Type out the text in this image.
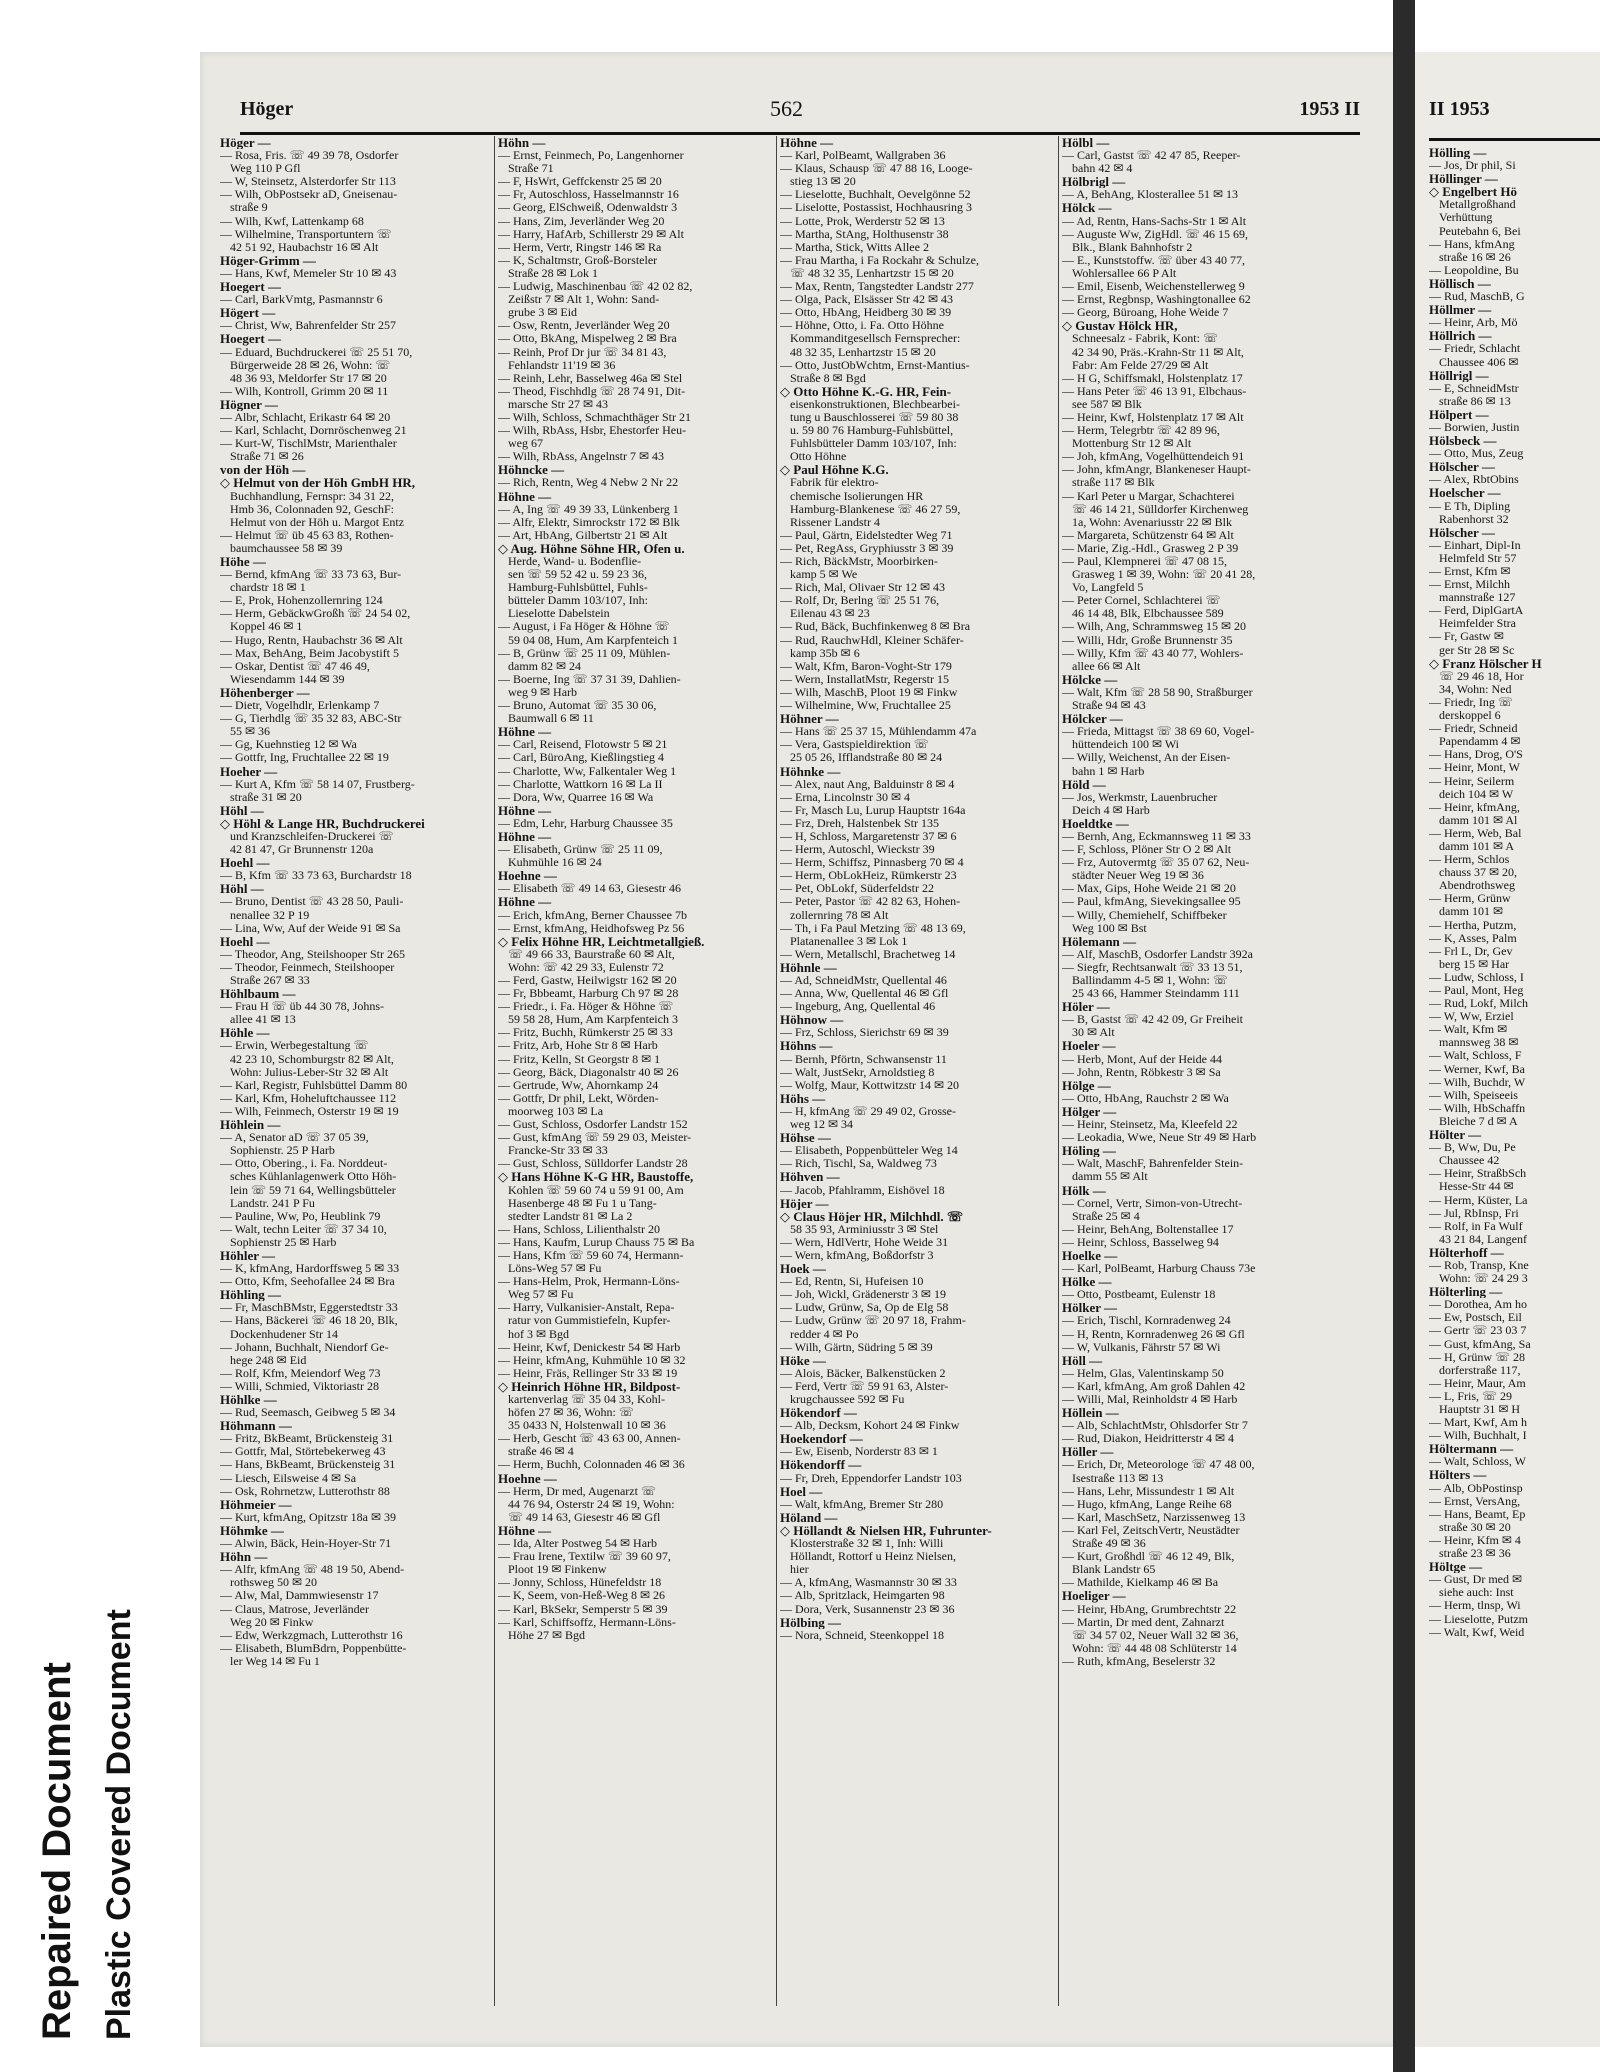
Repaired Document Plastic Covered Document
Höger	562	1953 II

Höger —

— Rosa, Fris. ☏ 49 39 78, Osdorfer

Weg 110 P Gfl

— W, Steinsetz, Alsterdorfer Str 113

— Wilh, ObPostsekr aD, Gneisenau-

straße 9

— Wilh, Kwf, Lattenkamp 68

— Wilhelmine, Transportuntern ☏

42 51 92, Haubachstr 16 ✉ Alt

Höger-Grimm —

— Hans, Kwf, Memeler Str 10 ✉ 43

Hoegert —

— Carl, BarkVmtg, Pasmannstr 6

Högert —

— Christ, Ww, Bahrenfelder Str 257

Hoegert —

— Eduard, Buchdruckerei ☏ 25 51 70,

Bürgerweide 28 ✉ 26, Wohn: ☏

48 36 93, Meldorfer Str 17 ✉ 20

— Wilh, Kontroll, Grimm 20 ✉ 11

Högner —

— Albr, Schlacht, Erikastr 64 ✉ 20

— Karl, Schlacht, Dornröschenweg 21

— Kurt-W, TischlMstr, Marienthaler

Straße 71 ✉ 26

von der Höh —

◇ Helmut von der Höh GmbH HR,

Buchhandlung, Fernspr: 34 31 22,

Hmb 36, Colonnaden 92, GeschF:

Helmut von der Höh u. Margot Entz

— Helmut ☏ üb 45 63 83, Rothen-

baumchaussee 58 ✉ 39

Höhe —

— Bernd, kfmAng ☏ 33 73 63, Bur-

chardstr 18 ✉ 1

— E, Prok, Hohenzollernring 124

— Herm, GebäckwGroßh ☏ 24 54 02,

Koppel 46 ✉ 1

— Hugo, Rentn, Haubachstr 36 ✉ Alt

— Max, BehAng, Beim Jacobystift 5

— Oskar, Dentist ☏ 47 46 49,

Wiesendamm 144 ✉ 39

Höhenberger —

— Dietr, Vogelhdlr, Erlenkamp 7

— G, Tierhdlg ☏ 35 32 83, ABC-Str

55 ✉ 36

— Gg, Kuehnstieg 12 ✉ Wa

— Gottfr, Ing, Fruchtallee 22 ✉ 19

Hoeher —

— Kurt A, Kfm ☏ 58 14 07, Frustberg-

straße 31 ✉ 20

Höhl —

◇ Höhl & Lange HR, Buchdruckerei

und Kranzschleifen-Druckerei ☏

42 81 47, Gr Brunnenstr 120a

Hoehl —

— B, Kfm ☏ 33 73 63, Burchardstr 18

Höhl —

— Bruno, Dentist ☏ 43 28 50, Pauli-

nenallee 32 P 19

— Lina, Ww, Auf der Weide 91 ✉ Sa

Hoehl —

— Theodor, Ang, Steilshooper Str 265

— Theodor, Feinmech, Steilshooper

Straße 267 ✉ 33

Höhlbaum —

— Frau H ☏ üb 44 30 78, Johns-

allee 41 ✉ 13

Höhle —

— Erwin, Werbegestaltung ☏

42 23 10, Schomburgstr 82 ✉ Alt,

Wohn: Julius-Leber-Str 32 ✉ Alt

— Karl, Registr, Fuhlsbüttel Damm 80

— Karl, Kfm, Hoheluftchaussee 112

— Wilh, Feinmech, Osterstr 19 ✉ 19

Höhlein —

— A, Senator aD ☏ 37 05 39,

Sophienstr. 25 P Harb

— Otto, Obering., i. Fa. Norddeut-

sches Kühlanlagenwerk Otto Höh-

lein ☏ 59 71 64, Wellingsbütteler

Landstr. 241 P Fu

— Pauline, Ww, Po, Heublink 79

— Walt, techn Leiter ☏ 37 34 10,

Sophienstr 25 ✉ Harb

Höhler —

— K, kfmAng, Hardorffsweg 5 ✉ 33

— Otto, Kfm, Seehofallee 24 ✉ Bra

Höhling —

— Fr, MaschBMstr, Eggerstedtstr 33

— Hans, Bäckerei ☏ 46 18 20, Blk,

Dockenhudener Str 14

— Johann, Buchhalt, Niendorf Ge-

hege 248 ✉ Eid

— Rolf, Kfm, Meiendorf Weg 73

— Willi, Schmied, Viktoriastr 28

Höhlke —

— Rud, Seemasch, Geibweg 5 ✉ 34

Höhmann —

— Fritz, BkBeamt, Brückensteig 31

— Gottfr, Mal, Störtebekerweg 43

— Hans, BkBeamt, Brückensteig 31

— Liesch, Eilsweise 4 ✉ Sa

— Osk, Rohrnetzw, Lutterothstr 88

Höhmeier —

— Kurt, kfmAng, Opitzstr 18a ✉ 39

Höhmke —

— Alwin, Bäck, Hein-Hoyer-Str 71

Höhn —

— Alfr, kfmAng ☏ 48 19 50, Abend-

rothsweg 50 ✉ 20

— Alw, Mal, Dammwiesenstr 17

— Claus, Matrose, Jeverländer

Weg 20 ✉ Finkw

— Edw, Werkzgmach, Lutterothstr 16

— Elisabeth, BlumBdrn, Poppenbütte-

ler Weg 14 ✉ Fu 1

Höhn —

— Ernst, Feinmech, Po, Langenhorner

Straße 71

— F, HsWrt, Geffckenstr 25 ✉ 20

— Fr, Autoschloss, Hasselmannstr 16

— Georg, ElSchweiß, Odenwaldstr 3

— Hans, Zim, Jeverländer Weg 20

— Harry, HafArb, Schillerstr 29 ✉ Alt

— Herm, Vertr, Ringstr 146 ✉ Ra

— K, Schaltmstr, Groß-Borsteler

Straße 28 ✉ Lok 1

— Ludwig, Maschinenbau ☏ 42 02 82,

Zeißstr 7 ✉ Alt 1, Wohn: Sand-

grube 3 ✉ Eid

— Osw, Rentn, Jeverländer Weg 20

— Otto, BkAng, Mispelweg 2 ✉ Bra

— Reinh, Prof Dr jur ☏ 34 81 43,

Fehlandstr 11'19 ✉ 36

— Reinh, Lehr, Basselweg 46a ✉ Stel

— Theod, Fischhdlg ☏ 28 74 91, Dit-

marsche Str 27 ✉ 43

— Wilh, Schloss, Schmachthäger Str 21

— Wilh, RbAss, Hsbr, Ehestorfer Heu-

weg 67

— Wilh, RbAss, Angelnstr 7 ✉ 43

Höhncke —

— Rich, Rentn, Weg 4 Nebw 2 Nr 22

Höhne —

— A, Ing ☏ 49 39 33, Lünkenberg 1

— Alfr, Elektr, Simrockstr 172 ✉ Blk

— Art, HbAng, Gilbertstr 21 ✉ Alt

◇ Aug. Höhne Söhne HR, Ofen u.

Herde, Wand- u. Bodenflie-

sen ☏ 59 52 42 u. 59 23 36,

Hamburg-Fuhlsbüttel, Fuhls-

bütteler Damm 103/107, Inh:

Lieselotte Dabelstein

— August, i Fa Höger & Höhne ☏

59 04 08, Hum, Am Karpfenteich 1

— B, Grünw ☏ 25 11 09, Mühlen-

damm 82 ✉ 24

— Boerne, Ing ☏ 37 31 39, Dahlien-

weg 9 ✉ Harb

— Bruno, Automat ☏ 35 30 06,

Baumwall 6 ✉ 11

Höhne —

— Carl, Reisend, Flotowstr 5 ✉ 21

— Carl, BüroAng, Kießlingstieg 4

— Charlotte, Ww, Falkentaler Weg 1

— Charlotte, Wattkorn 16 ✉ La II

— Dora, Ww, Quarree 16 ✉ Wa

Höhne —

— Edm, Lehr, Harburg Chaussee 35

Höhne —

— Elisabeth, Grünw ☏ 25 11 09,

Kuhmühle 16 ✉ 24

Hoehne —

— Elisabeth ☏ 49 14 63, Giesestr 46

Höhne —

— Erich, kfmAng, Berner Chaussee 7b

— Ernst, kfmAng, Heidhofsweg Pz 56

◇ Felix Höhne HR, Leichtmetallgieß.

☏ 49 66 33, Baurstraße 60 ✉ Alt,

Wohn: ☏ 42 29 33, Eulenstr 72

— Ferd, Gastw, Heilwigstr 162 ✉ 20

— Fr, Bbbeamt, Harburg Ch 97 ✉ 28

— Friedr., i. Fa. Höger & Höhne ☏

59 58 28, Hum, Am Karpfenteich 3

— Fritz, Buchh, Rümkerstr 25 ✉ 33

— Fritz, Arb, Hohe Str 8 ✉ Harb

— Fritz, Kelln, St Georgstr 8 ✉ 1

— Georg, Bäck, Diagonalstr 40 ✉ 26

— Gertrude, Ww, Ahornkamp 24

— Gottfr, Dr phil, Lekt, Wörden-

moorweg 103 ✉ La

— Gust, Schloss, Osdorfer Landstr 152

— Gust, kfmAng ☏ 59 29 03, Meister-

Francke-Str 33 ✉ 33

— Gust, Schloss, Sülldorfer Landstr 28

◇ Hans Höhne K-G HR, Baustoffe,

Kohlen ☏ 59 60 74 u 59 91 00, Am

Hasenberge 48 ✉ Fu 1 u Tang-

stedter Landstr 81 ✉ La 2

— Hans, Schloss, Lilienthalstr 20

— Hans, Kaufm, Lurup Chauss 75 ✉ Ba

— Hans, Kfm ☏ 59 60 74, Hermann-

Löns-Weg 57 ✉ Fu

— Hans-Helm, Prok, Hermann-Löns-

Weg 57 ✉ Fu

— Harry, Vulkanisier-Anstalt, Repa-

ratur von Gummistiefeln, Kupfer-

hof 3 ✉ Bgd

— Heinr, Kwf, Denickestr 54 ✉ Harb

— Heinr, kfmAng, Kuhmühle 10 ✉ 32

— Heinr, Fräs, Rellinger Str 33 ✉ 19

◇ Heinrich Höhne HR, Bildpost-

kartenverlag ☏ 35 04 33, Kohl-

höfen 27 ✉ 36, Wohn: ☏

35 0433 N, Holstenwall 10 ✉ 36

— Herb, Gescht ☏ 43 63 00, Annen-

straße 46 ✉ 4

— Herm, Buchh, Colonnaden 46 ✉ 36

Hoehne —

— Herm, Dr med, Augenarzt ☏

44 76 94, Osterstr 24 ✉ 19, Wohn:

☏ 49 14 63, Giesestr 46 ✉ Gfl

Höhne —

— Ida, Alter Postweg 54 ✉ Harb

— Frau Irene, Textilw ☏ 39 60 97,

Ploot 19 ✉ Finkenw

— Jonny, Schloss, Hünefeldstr 18

— K, Seem, von-Heß-Weg 8 ✉ 26

— Karl, BkSekr, Semperstr 5 ✉ 39

— Karl, Schiffsoffz, Hermann-Löns-

Höhe 27 ✉ Bgd

Höhne —

— Karl, PolBeamt, Wallgraben 36

— Klaus, Schausp ☏ 47 88 16, Looge-

stieg 13 ✉ 20

— Lieselotte, Buchhalt, Oevelgönne 52

— Liselotte, Postassist, Hochhausring 3

— Lotte, Prok, Werderstr 52 ✉ 13

— Martha, StAng, Holthusenstr 38

— Martha, Stick, Witts Allee 2

— Frau Martha, i Fa Rockahr & Schulze,

☏ 48 32 35, Lenhartzstr 15 ✉ 20

— Max, Rentn, Tangstedter Landstr 277

— Olga, Pack, Elsässer Str 42 ✉ 43

— Otto, HbAng, Heidberg 30 ✉ 39

— Höhne, Otto, i. Fa. Otto Höhne

Kommanditgesellsch Fernsprecher:

48 32 35, Lenhartzstr 15 ✉ 20

— Otto, JustObWchtm, Ernst-Mantius-

Straße 8 ✉ Bgd

◇ Otto Höhne K.-G. HR, Fein-

eisenkonstruktionen, Blechbearbei-

tung u Bauschlosserei ☏ 59 80 38

u. 59 80 76 Hamburg-Fuhlsbüttel,

Fuhlsbütteler Damm 103/107, Inh:

Otto Höhne

◇ Paul Höhne K.G.

Fabrik für elektro-

chemische Isolierungen HR

Hamburg-Blankenese ☏ 46 27 59,

Rissener Landstr 4

— Paul, Gärtn, Eidelstedter Weg 71

— Pet, RegAss, Gryphiusstr 3 ✉ 39

— Rich, BäckMstr, Moorbirken-

kamp 5 ✉ We

— Rich, Mal, Olivaer Str 12 ✉ 43

— Rolf, Dr, Berlng ☏ 25 51 76,

Eilenau 43 ✉ 23

— Rud, Bäck, Buchfinkenweg 8 ✉ Bra

— Rud, RauchwHdl, Kleiner Schäfer-

kamp 35b ✉ 6

— Walt, Kfm, Baron-Voght-Str 179

— Wern, InstallatMstr, Regerstr 15

— Wilh, MaschB, Ploot 19 ✉ Finkw

— Wilhelmine, Ww, Fruchtallee 25

Höhner —

— Hans ☏ 25 37 15, Mühlendamm 47a

— Vera, Gastspieldirektion ☏

25 05 26, Ifflandstraße 80 ✉ 24

Höhnke —

— Alex, naut Ang, Balduinstr 8 ✉ 4

— Erna, Lincolnstr 30 ✉ 4

— Fr, Masch Lu, Lurup Hauptstr 164a

— Frz, Dreh, Halstenbek Str 135

— H, Schloss, Margaretenstr 37 ✉ 6

— Herm, Autoschl, Wieckstr 39

— Herm, Schiffsz, Pinnasberg 70 ✉ 4

— Herm, ObLokHeiz, Rümkerstr 23

— Pet, ObLokf, Süderfeldstr 22

— Peter, Pastor ☏ 42 82 63, Hohen-

zollernring 78 ✉ Alt

— Th, i Fa Paul Metzing ☏ 48 13 69,

Platanenallee 3 ✉ Lok 1

— Wern, Metallschl, Brachetweg 14

Höhnle —

— Ad, SchneidMstr, Quellental 46

— Anna, Ww, Quellental 46 ✉ Gfl

— Ingeburg, Ang, Quellental 46

Höhnow —

— Frz, Schloss, Sierichstr 69 ✉ 39

Höhns —

— Bernh, Pförtn, Schwansenstr 11

— Walt, JustSekr, Arnoldstieg 8

— Wolfg, Maur, Kottwitzstr 14 ✉ 20

Höhs —

— H, kfmAng ☏ 29 49 02, Grosse-

weg 12 ✉ 34

Höhse —

— Elisabeth, Poppenbütteler Weg 14

— Rich, Tischl, Sa, Waldweg 73

Höhven —

— Jacob, Pfahlramm, Eishövel 18

Höjer —

◇ Claus Höjer HR, Milchhdl. ☏

58 35 93, Arminiusstr 3 ✉ Stel

— Wern, HdlVertr, Hohe Weide 31

— Wern, kfmAng, Boßdorfstr 3

Hoek —

— Ed, Rentn, Si, Hufeisen 10

— Joh, Wickl, Grädenerstr 3 ✉ 19

— Ludw, Grünw, Sa, Op de Elg 58

— Ludw, Grünw ☏ 20 97 18, Frahm-

redder 4 ✉ Po

— Wilh, Gärtn, Südring 5 ✉ 39

Höke —

— Alois, Bäcker, Balkenstücken 2

— Ferd, Vertr ☏ 59 91 63, Alster-

krugchaussee 592 ✉ Fu

Hökendorf —

— Alb, Decksm, Kohort 24 ✉ Finkw

Hoekendorf —

— Ew, Eisenb, Norderstr 83 ✉ 1

Hökendorff —

— Fr, Dreh, Eppendorfer Landstr 103

Hoel —

— Walt, kfmAng, Bremer Str 280

Höland —

◇ Höllandt & Nielsen HR, Fuhrunter-

Klosterstraße 32 ✉ 1, Inh: Willi

Höllandt, Rottorf u Heinz Nielsen,

hier

— A, kfmAng, Wasmannstr 30 ✉ 33

— Alb, Spritzlack, Heimgarten 98

— Dora, Verk, Susannenstr 23 ✉ 36

Hölbing —

— Nora, Schneid, Steenkoppel 18

Hölbl —

— Carl, Gastst ☏ 42 47 85, Reeper-

bahn 42 ✉ 4

Hölbrigl —

— A, BehAng, Klosterallee 51 ✉ 13

Hölck —

— Ad, Rentn, Hans-Sachs-Str 1 ✉ Alt

— Auguste Ww, ZigHdl. ☏ 46 15 69,

Blk., Blank Bahnhofstr 2

— E., Kunststoffw. ☏ über 43 40 77,

Wohlersallee 66 P Alt

— Emil, Eisenb, Weichenstellerweg 9

— Ernst, Regbnsp, Washingtonallee 62

— Georg, Büroang, Hohe Weide 7

◇ Gustav Hölck HR,

Schneesalz - Fabrik, Kont: ☏

42 34 90, Präs.-Krahn-Str 11 ✉ Alt,

Fabr: Am Felde 27/29 ✉ Alt

— H G, Schiffsmakl, Holstenplatz 17

— Hans Peter ☏ 46 13 91, Elbchaus-

see 587 ✉ Blk

— Heinr, Kwf, Holstenplatz 17 ✉ Alt

— Herm, Telegrbtr ☏ 42 89 96,

Mottenburg Str 12 ✉ Alt

— Joh, kfmAng, Vogelhüttendeich 91

— John, kfmAngr, Blankeneser Haupt-

straße 117 ✉ Blk

— Karl Peter u Margar, Schachterei

☏ 46 14 21, Sülldorfer Kirchenweg

1a, Wohn: Avenariusstr 22 ✉ Blk

— Margareta, Schützenstr 64 ✉ Alt

— Marie, Zig.-Hdl., Grasweg 2 P 39

— Paul, Klempnerei ☏ 47 08 15,

Grasweg 1 ✉ 39, Wohn: ☏ 20 41 28,

Vo, Langfeld 5

— Peter Cornel, Schlachterei ☏

46 14 48, Blk, Elbchaussee 589

— Wilh, Ang, Schrammsweg 15 ✉ 20

— Willi, Hdr, Große Brunnenstr 35

— Willy, Kfm ☏ 43 40 77, Wohlers-

allee 66 ✉ Alt

Hölcke —

— Walt, Kfm ☏ 28 58 90, Straßburger

Straße 94 ✉ 43

Hölcker —

— Frieda, Mittagst ☏ 38 69 60, Vogel-

hüttendeich 100 ✉ Wi

— Willy, Weichenst, An der Eisen-

bahn 1 ✉ Harb

Höld —

— Jos, Werkmstr, Lauenbrucher

Deich 4 ✉ Harb

Hoeldtke —

— Bernh, Ang, Eckmannsweg 11 ✉ 33

— F, Schloss, Plöner Str O 2 ✉ Alt

— Frz, Autovermtg ☏ 35 07 62, Neu-

städter Neuer Weg 19 ✉ 36

— Max, Gips, Hohe Weide 21 ✉ 20

— Paul, kfmAng, Sievekingsallee 95

— Willy, Chemiehelf, Schiffbeker

Weg 100 ✉ Bst

Hölemann —

— Alf, MaschB, Osdorfer Landstr 392a

— Siegfr, Rechtsanwalt ☏ 33 13 51,

Ballindamm 4-5 ✉ 1, Wohn: ☏

25 43 66, Hammer Steindamm 111

Höler —

— B, Gastst ☏ 42 42 09, Gr Freiheit

30 ✉ Alt

Hoeler —

— Herb, Mont, Auf der Heide 44

— John, Rentn, Röbkestr 3 ✉ Sa

Hölge —

— Otto, HbAng, Rauchstr 2 ✉ Wa

Hölger —

— Heinr, Steinsetz, Ma, Kleefeld 22

— Leokadia, Wwe, Neue Str 49 ✉ Harb

Höling —

— Walt, MaschF, Bahrenfelder Stein-

damm 55 ✉ Alt

Hölk —

— Cornel, Vertr, Simon-von-Utrecht-

Straße 25 ✉ 4

— Heinr, BehAng, Boltenstallee 17

— Heinr, Schloss, Basselweg 94

Hoelke —

— Karl, PolBeamt, Harburg Chauss 73e

Hölke —

— Otto, Postbeamt, Eulenstr 18

Hölker —

— Erich, Tischl, Kornradenweg 24

— H, Rentn, Kornradenweg 26 ✉ Gfl

— W, Vulkanis, Fährstr 57 ✉ Wi

Höll —

— Helm, Glas, Valentinskamp 50

— Karl, kfmAng, Am groß Dahlen 42

— Willi, Mal, Reinholdstr 4 ✉ Harb

Höllein —

— Alb, SchlachtMstr, Ohlsdorfer Str 7

— Rud, Diakon, Heidritterstr 4 ✉ 4

Höller —

— Erich, Dr, Meteorologe ☏ 47 48 00,

Isestraße 113 ✉ 13

— Hans, Lehr, Missundestr 1 ✉ Alt

— Hugo, kfmAng, Lange Reihe 68

— Karl, MaschSetz, Narzissenweg 13

— Karl Fel, ZeitschVertr, Neustädter

Straße 49 ✉ 36

— Kurt, Großhdl ☏ 46 12 49, Blk,

Blank Landstr 65

— Mathilde, Kielkamp 46 ✉ Ba

Hoeliger —

— Heinr, HbAng, Grumbrechtstr 22

— Martin, Dr med dent, Zahnarzt

☏ 34 57 02, Neuer Wall 32 ✉ 36,

Wohn: ☏ 44 48 08 Schlüterstr 14

— Ruth, kfmAng, Beselerstr 32

II 1953

Hölling —

— Jos, Dr phil, Si

Höllinger —

◇ Engelbert Hö

Metallgroßhand

Verhüttung

Peutebahn 6, Bei

— Hans, kfmAng

straße 16 ✉ 26

— Leopoldine, Bu

Höllisch —

— Rud, MaschB, G

Höllmer —

— Heinr, Arb, Mö

Höllrich —

— Friedr, Schlacht

Chaussee 406 ✉

Höllrigl —

— E, SchneidMstr

straße 86 ✉ 13

Hölpert —

— Borwien, Justin

Hölsbeck —

— Otto, Mus, Zeug

Hölscher —

— Alex, RbtObins

Hoelscher —

— E Th, Dipling

Rabenhorst 32

Hölscher —

— Einhart, Dipl-In

Helmfeld Str 57

— Ernst, Kfm ✉

— Ernst, Milchh

mannstraße 127

— Ferd, DiplGartA

Heimfelder Stra

— Fr, Gastw ✉

ger Str 28 ✉ Sc

◇ Franz Hölscher H

☏ 29 46 18, Hor

34, Wohn: Ned

— Friedr, Ing ☏

derskoppel 6

— Friedr, Schneid

Papendamm 4 ✉

— Hans, Drog, O'S

— Heinr, Mont, W

— Heinr, Seilerm

deich 104 ✉ W

— Heinr, kfmAng,

damm 101 ✉ Al

— Herm, Web, Bal

damm 101 ✉ A

— Herm, Schlos

chauss 37 ✉ 20,

Abendrothsweg

— Herm, Grünw

damm 101 ✉

— Hertha, Putzm,

— K, Asses, Palm

— Frl L, Dr, Gev

berg 15 ✉ Har

— Ludw, Schloss, I

— Paul, Mont, Heg

— Rud, Lokf, Milch

— W, Ww, Erziel

— Walt, Kfm ✉

mannsweg 38 ✉

— Walt, Schloss, F

— Werner, Kwf, Ba

— Wilh, Buchdr, W

— Wilh, Speiseeis

— Wilh, HbSchaffn

Bleiche 7 d ✉ A

Hölter —

— B, Ww, Du, Pe

Chaussee 42

— Heinr, StraßbSch

Hesse-Str 44 ✉

— Herm, Küster, La

— Jul, RbInsp, Fri

— Rolf, in Fa Wulf

43 21 84, Langenf

Hölterhoff —

— Rob, Transp, Kne

Wohn: ☏ 24 29 3

Hölterling —

— Dorothea, Am ho

— Ew, Postsch, Eil

— Gertr ☏ 23 03 7

— Gust, kfmAng, Sa

— H, Grünw ☏ 28

dorferstraße 117,

— Heinr, Maur, Am

— L, Fris, ☏ 29

Hauptstr 31 ✉ H

— Mart, Kwf, Am h

— Wilh, Buchhalt, I

Höltermann —

— Walt, Schloss, W

Hölters —

— Alb, ObPostinsp

— Ernst, VersAng,

— Hans, Beamt, Ep

straße 30 ✉ 20

— Heinr, Kfm ✉ 4

straße 23 ✉ 36

Höltge —

— Gust, Dr med ✉

siehe auch: Inst

— Herm, tlnsp, Wi

— Lieselotte, Putzm

— Walt, Kwf, Weid
